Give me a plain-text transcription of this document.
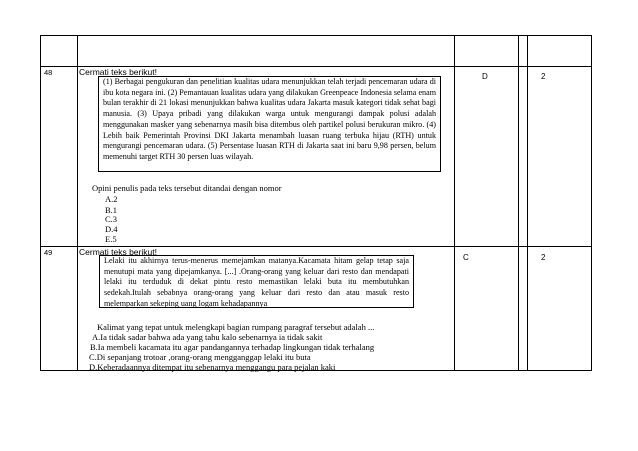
48	Cermati teks berikut!

(1) Berbagai pengukuran dan penelitian kualitas udara menunjukkan telah terjadi pencemaran udara di ibu kota negara ini. (2) Pemantauan kualitas udara yang dilakukan Greenpeace Indonesia selama enam bulan terakhir di 21 lokasi menunjukkan bahwa kualitas udara Jakarta masuk kategori tidak sehat bagi manusia. (3) Upaya pribadi yang dilakukan warga untuk mengurangi dampak polusi adalah menggunakan masker yang sebenarnya masih bisa ditembus oleh partikel polusi berukuran mikro. (4) Lebih baik Pemerintah Provinsi DKI Jakarta menambah luasan ruang terbuka hijau (RTH) untuk mengurangi pencemaran udara. (5) Persentase luasan RTH di Jakarta saat ini baru 9,98 persen, belum memenuhi target RTH 30 persen luas wilayah.

Opini penulis pada teks tersebut ditandai dengan nomor
A.2
B.1
C.3
D.4
E.5
D	2
49	Cermati teks berikut!

Lelaki itu akhirnya terus-menerus memejamkan matanya.Kacamata hitam gelap tetap saja menutupi mata yang dipejamkanya. [...] .Orang-orang yang keluar dari resto dan mendapati lelaki itu terduduk di dekat pintu resto memastikan lelaki buta itu membutuhkan sedekah.Itulah sebabnya orang-orang yang keluar dari resto dan atau masuk resto melemparkan sekeping uang logam kehadapannya

Kalimat yang tepat untuk melengkapi bagian rumpang paragraf tersebut adalah ...
A.Ia tidak sadar bahwa ada yang tahu kalo sebenarnya ia tidak sakit
B.Ia membeli kacamata itu agar pandangannya terhadap lingkungan tidak terhalang
C.Di sepanjang trotoar ,orang-orang mengganggap lelaki itu buta
D.Keberadaannya ditempat itu sebenarnya menggangu para pejalan kaki
C	2
